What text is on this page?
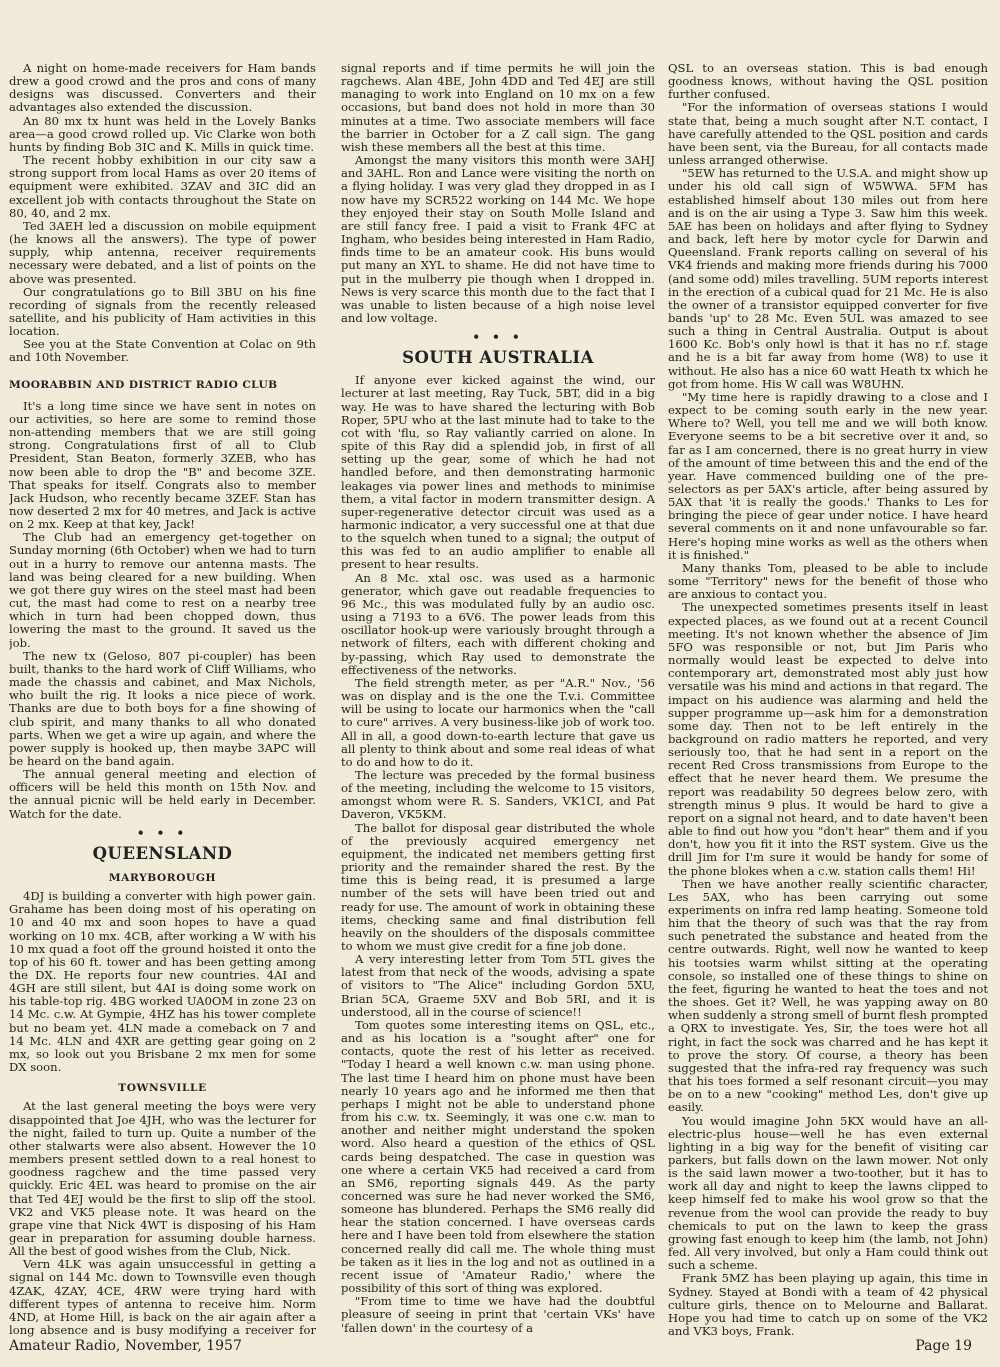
A night on home-made receivers for Ham bands drew a good crowd and the pros and cons of many designs was discussed. Converters and their advantages also extended the discussion.

An 80 mx tx hunt was held in the Lovely Banks area—a good crowd rolled up. Vic Clarke won both hunts by finding Bob 3IC and K. Mills in quick time.

The recent hobby exhibition in our city saw a strong support from local Hams as over 20 items of equipment were exhibited. 3ZAV and 3IC did an excellent job with contacts throughout the State on 80, 40, and 2 mx.

Ted 3AEH led a discussion on mobile equipment (he knows all the answers). The type of power supply, whip antenna, receiver requirements necessary were debated, and a list of points on the above was presented.

Our congratulations go to Bill 3BU on his fine recording of signals from the recently released satellite, and his publicity of Ham activities in this location.

See you at the State Convention at Colac on 9th and 10th November.

MOORABBIN AND DISTRICT RADIO CLUB

It's a long time since we have sent in notes on our activities, so here are some to remind those non-attending members that we are still going strong. Congratulations first of all to Club President, Stan Beaton, formerly 3ZEB, who has now been able to drop the "B" and become 3ZE. That speaks for itself. Congrats also to member Jack Hudson, who recently became 3ZEF. Stan has now deserted 2 mx for 40 metres, and Jack is active on 2 mx. Keep at that key, Jack!

The Club had an emergency get-together on Sunday morning (6th October) when we had to turn out in a hurry to remove our antenna masts. The land was being cleared for a new building. When we got there guy wires on the steel mast had been cut, the mast had come to rest on a nearby tree which in turn had been chopped down, thus lowering the mast to the ground. It saved us the job.

The new tx (Geloso, 807 pi-coupler) has been built, thanks to the hard work of Cliff Williams, who made the chassis and cabinet, and Max Nichols, who built the rig. It looks a nice piece of work. Thanks are due to both boys for a fine showing of club spirit, and many thanks to all who donated parts. When we get a wire up again, and where the power supply is hooked up, then maybe 3APC will be heard on the band again.

The annual general meeting and election of officers will be held this month on 15th Nov. and the annual picnic will be held early in December. Watch for the date.

• • •
QUEENSLAND
MARYBOROUGH

4DJ is building a converter with high power gain. Grahame has been doing most of his operating on 10 and 40 mx and soon hopes to have a quad working on 10 mx. 4CB, after working a W with his 10 mx quad a foot off the ground hoisted it onto the top of his 60 ft. tower and has been getting among the DX. He reports four new countries. 4AI and 4GH are still silent, but 4AI is doing some work on his table-top rig. 4BG worked UA0OM in zone 23 on 14 Mc. c.w. At Gympie, 4HZ has his tower complete but no beam yet. 4LN made a comeback on 7 and 14 Mc. 4LN and 4XR are getting gear going on 2 mx, so look out you Brisbane 2 mx men for some DX soon.

TOWNSVILLE

At the last general meeting the boys were very disappointed that Joe 4JH, who was the lecturer for the night, failed to turn up. Quite a number of the other stalwarts were also absent. However the 10 members present settled down to a real honest to goodness ragchew and the time passed very quickly. Eric 4EL was heard to promise on the air that Ted 4EJ would be the first to slip off the stool. VK2 and VK5 please note. It was heard on the grape vine that Nick 4WT is disposing of his Ham gear in preparation for assuming double harness. All the best of good wishes from the Club, Nick.

Vern 4LK was again unsuccessful in getting a signal on 144 Mc. down to Townsville even though 4ZAK, 4ZAY, 4CE, 4RW were trying hard with different types of antenna to receive him. Norm 4ND, at Home Hill, is back on the air again after a long absence and is busy modifying a receiver for

signal reports and if time permits he will join the ragchews. Alan 4BE, John 4DD and Ted 4EJ are still managing to work into England on 10 mx on a few occasions, but band does not hold in more than 30 minutes at a time. Two associate members will face the barrier in October for a Z call sign. The gang wish these members all the best at this time.

Amongst the many visitors this month were 3AHJ and 3AHL. Ron and Lance were visiting the north on a flying holiday. I was very glad they dropped in as I now have my SCR522 working on 144 Mc. We hope they enjoyed their stay on South Molle Island and are still fancy free. I paid a visit to Frank 4FC at Ingham, who besides being interested in Ham Radio, finds time to be an amateur cook. His buns would put many an XYL to shame. He did not have time to put in the mulberry pie though when I dropped in. News is very scarce this month due to the fact that I was unable to listen because of a high noise level and low voltage.

• • •
SOUTH AUSTRALIA

If anyone ever kicked against the wind, our lecturer at last meeting, Ray Tuck, 5BT, did in a big way. He was to have shared the lecturing with Bob Roper, 5PU who at the last minute had to take to the cot with 'flu, so Ray valiantly carried on alone. In spite of this Ray did a splendid job, in first of all setting up the gear, some of which he had not handled before, and then demonstrating harmonic leakages via power lines and methods to minimise them, a vital factor in modern transmitter design. A super-regenerative detector circuit was used as a harmonic indicator, a very successful one at that due to the squelch when tuned to a signal; the output of this was fed to an audio amplifier to enable all present to hear results.

An 8 Mc. xtal osc. was used as a harmonic generator, which gave out readable frequencies to 96 Mc., this was modulated fully by an audio osc. using a 7193 to a 6V6. The power leads from this oscillator hook-up were variously brought through a network of filters, each with different choking and by-passing, which Ray used to demonstrate the effectiveness of the networks.

The field strength meter, as per "A.R." Nov., '56 was on display and is the one the T.v.i. Committee will be using to locate our harmonics when the "call to cure" arrives. A very business-like job of work too. All in all, a good down-to-earth lecture that gave us all plenty to think about and some real ideas of what to do and how to do it.

The lecture was preceded by the formal business of the meeting, including the welcome to 15 visitors, amongst whom were R. S. Sanders, VK1CI, and Pat Daveron, VK5KM.

The ballot for disposal gear distributed the whole of the previously acquired emergency net equipment, the indicated net members getting first priority and the remainder shared the rest. By the time this is being read, it is presumed a large number of the sets will have been tried out and ready for use. The amount of work in obtaining these items, checking same and final distribution fell heavily on the shoulders of the disposals committee to whom we must give credit for a fine job done.

A very interesting letter from Tom 5TL gives the latest from that neck of the woods, advising a spate of visitors to "The Alice" including Gordon 5XU, Brian 5CA, Graeme 5XV and Bob 5RI, and it is understood, all in the course of science!!

Tom quotes some interesting items on QSL, etc., and as his location is a "sought after" one for contacts, quote the rest of his letter as received. "Today I heard a well known c.w. man using phone. The last time I heard him on phone must have been nearly 10 years ago and he informed me then that perhaps I might not be able to understand phone from his c.w. tx. Seemingly, it was one c.w. man to another and neither might understand the spoken word. Also heard a question of the ethics of QSL cards being despatched. The case in question was one where a certain VK5 had received a card from an SM6, reporting signals 449. As the party concerned was sure he had never worked the SM6, someone has blundered. Perhaps the SM6 really did hear the station concerned. I have overseas cards here and I have been told from elsewhere the station concerned really did call me. The whole thing must be taken as it lies in the log and not as outlined in a recent issue of 'Amateur Radio,' where the possibility of this sort of thing was explored.

"From time to time we have had the doubtful pleasure of seeing in print that 'certain VKs' have 'fallen down' in the courtesy of a

QSL to an overseas station. This is bad enough goodness knows, without having the QSL position further confused.

"For the information of overseas stations I would state that, being a much sought after N.T. contact, I have carefully attended to the QSL position and cards have been sent, via the Bureau, for all contacts made unless arranged otherwise.

"5EW has returned to the U.S.A. and might show up under his old call sign of W5WWA. 5FM has established himself about 130 miles out from here and is on the air using a Type 3. Saw him this week. 5AE has been on holidays and after flying to Sydney and back, left here by motor cycle for Darwin and Queensland. Frank reports calling on several of his VK4 friends and making more friends during his 7000 (and some odd) miles travelling. 5UM reports interest in the erection of a cubical quad for 21 Mc. He is also the owner of a transistor equipped converter for five bands 'up' to 28 Mc. Even 5UL was amazed to see such a thing in Central Australia. Output is about 1600 Kc. Bob's only howl is that it has no r.f. stage and he is a bit far away from home (W8) to use it without. He also has a nice 60 watt Heath tx which he got from home. His W call was W8UHN.

"My time here is rapidly drawing to a close and I expect to be coming south early in the new year. Where to? Well, you tell me and we will both know. Everyone seems to be a bit secretive over it and, so far as I am concerned, there is no great hurry in view of the amount of time between this and the end of the year. Have commenced building one of the pre-selectors as per 5AX's article, after being assured by 5AX that 'it is really the goods.' Thanks to Les for bringing the piece of gear under notice. I have heard several comments on it and none unfavourable so far. Here's hoping mine works as well as the others when it is finished."

Many thanks Tom, pleased to be able to include some "Territory" news for the benefit of those who are anxious to contact you.

The unexpected sometimes presents itself in least expected places, as we found out at a recent Council meeting. It's not known whether the absence of Jim 5FO was responsible or not, but Jim Paris who normally would least be expected to delve into contemporary art, demonstrated most ably just how versatile was his mind and actions in that regard. The impact on his audience was alarming and held the supper programme up—ask him for a demonstration some day. Then not to be left entirely in the background on radio matters he reported, and very seriously too, that he had sent in a report on the recent Red Cross transmissions from Europe to the effect that he never heard them. We presume the report was readability 50 degrees below zero, with strength minus 9 plus. It would be hard to give a report on a signal not heard, and to date haven't been able to find out how you "don't hear" them and if you don't, how you fit it into the RST system. Give us the drill Jim for I'm sure it would be handy for some of the phone blokes when a c.w. station calls them! Hi!

Then we have another really scientific character, Les 5AX, who has been carrying out some experiments on infra red lamp heating. Someone told him that the theory of such was that the ray from such penetrated the substance and heated from the centre outwards. Right, well now he wanted to keep his tootsies warm whilst sitting at the operating console, so installed one of these things to shine on the feet, figuring he wanted to heat the toes and not the shoes. Get it? Well, he was yapping away on 80 when suddenly a strong smell of burnt flesh prompted a QRX to investigate. Yes, Sir, the toes were hot all right, in fact the sock was charred and he has kept it to prove the story. Of course, a theory has been suggested that the infra-red ray frequency was such that his toes formed a self resonant circuit—you may be on to a new "cooking" method Les, don't give up easily.

You would imagine John 5KX would have an all-electric-plus house—well he has even external lighting in a big way for the benefit of visiting car parkers, but falls down on the lawn mower. Not only is the said lawn mower a two-toother, but it has to work all day and night to keep the lawns clipped to keep himself fed to make his wool grow so that the revenue from the wool can provide the ready to buy chemicals to put on the lawn to keep the grass growing fast enough to keep him (the lamb, not John) fed. All very involved, but only a Ham could think out such a scheme.

Frank 5MZ has been playing up again, this time in Sydney. Stayed at Bondi with a team of 42 physical culture girls, thence on to Melourne and Ballarat. Hope you had time to catch up on some of the VK2 and VK3 boys, Frank.

Amateur Radio, November, 1957	Page 19
